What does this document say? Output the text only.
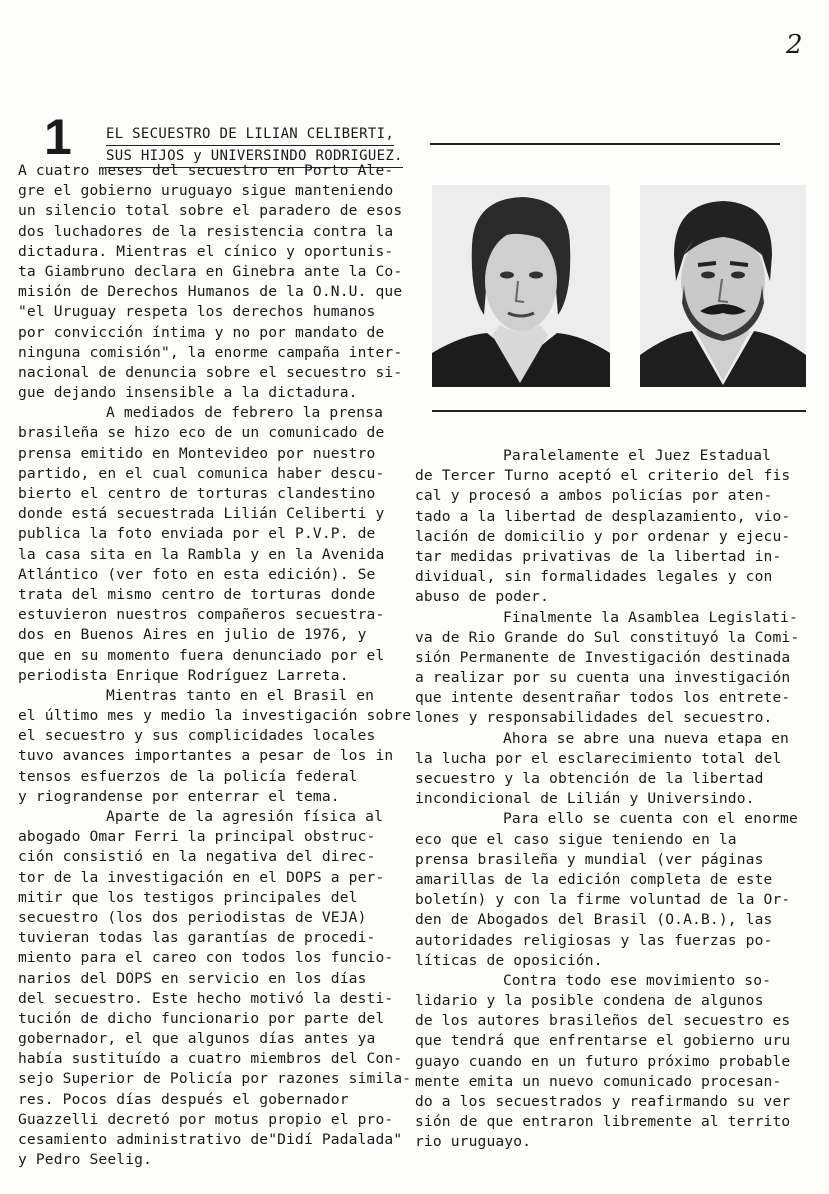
2
1 EL SECUESTRO DE LILIAN CELIBERTI,
SUS HIJOS y UNIVERSINDO RODRIGUEZ.
A cuatro meses del secuestro en Porto Ale-
gre el gobierno uruguayo sigue manteniendo
un silencio total sobre el paradero de esos
dos luchadores de la resistencia contra la
dictadura. Mientras el cínico y oportunis-
ta Giambruno declara en Ginebra ante la Co-
misión de Derechos Humanos de la O.N.U. que
"el Uruguay respeta los derechos humanos
por convicción íntima y no por mandato de
ninguna comisión", la enorme campaña inter-
nacional de denuncia sobre el secuestro si-
gue dejando insensible a la dictadura.
A mediados de febrero la prensa
brasileña se hizo eco de un comunicado de
prensa emitido en Montevideo por nuestro
partido, en el cual comunica haber descu-
bierto el centro de torturas clandestino
donde está secuestrada Lilián Celiberti y
publica la foto enviada por el P.V.P. de
la casa sita en la Rambla y en la Avenida
Atlántico (ver foto en esta edición). Se
trata del mismo centro de torturas donde
estuvieron nuestros compañeros secuestra-
dos en Buenos Aires en julio de 1976, y
que en su momento fuera denunciado por el
periodista Enrique Rodríguez Larreta.
Mientras tanto en el Brasil en
el último mes y medio la investigación sobre
el secuestro y sus complicidades locales
tuvo avances importantes a pesar de los in
tensos esfuerzos de la policía federal
y riograndense por enterrar el tema.
Aparte de la agresión física al
abogado Omar Ferri la principal obstruc-
ción consistió en la negativa del direc-
tor de la investigación en el DOPS a per-
mitir que los testigos principales del
secuestro (los dos periodistas de VEJA)
tuvieran todas las garantías de procedi-
miento para el careo con todos los funcio-
narios del DOPS en servicio en los días
del secuestro. Este hecho motivó la desti-
tución de dicho funcionario por parte del
gobernador, el que algunos días antes ya
había sustituído a cuatro miembros del Con-
sejo Superior de Policía por razones simila-
res. Pocos días después el gobernador
Guazzelli decretó por motus propio el pro-
cesamiento administrativo de"Didí Padalada"
y Pedro Seelig.
Paralelamente el Juez Estadual
de Tercer Turno aceptó el criterio del fis
cal y procesó a ambos policías por aten-
tado a la libertad de desplazamiento, vio-
lación de domicilio y por ordenar y ejecu-
tar medidas privativas de la libertad in-
dividual, sin formalidades legales y con
abuso de poder.
Finalmente la Asamblea Legislati-
va de Rio Grande do Sul constituyó la Comi-
sión Permanente de Investigación destinada
a realizar por su cuenta una investigación
que intente desentrañar todos los entrete-
lones y responsabilidades del secuestro.
Ahora se abre una nueva etapa en
la lucha por el esclarecimiento total del
secuestro y la obtención de la libertad
incondicional de Lilián y Universindo.
Para ello se cuenta con el enorme
eco que el caso sigue teniendo en la
prensa brasileña y mundial (ver páginas
amarillas de la edición completa de este
boletín) y con la firme voluntad de la Or-
den de Abogados del Brasil (O.A.B.), las
autoridades religiosas y las fuerzas po-
líticas de oposición.
Contra todo ese movimiento so-
lidario y la posible condena de algunos
de los autores brasileños del secuestro es
que tendrá que enfrentarse el gobierno uru
guayo cuando en un futuro próximo probable
mente emita un nuevo comunicado procesan-
do a los secuestrados y reafirmando su ver
sión de que entraron libremente al territo
rio uruguayo.
